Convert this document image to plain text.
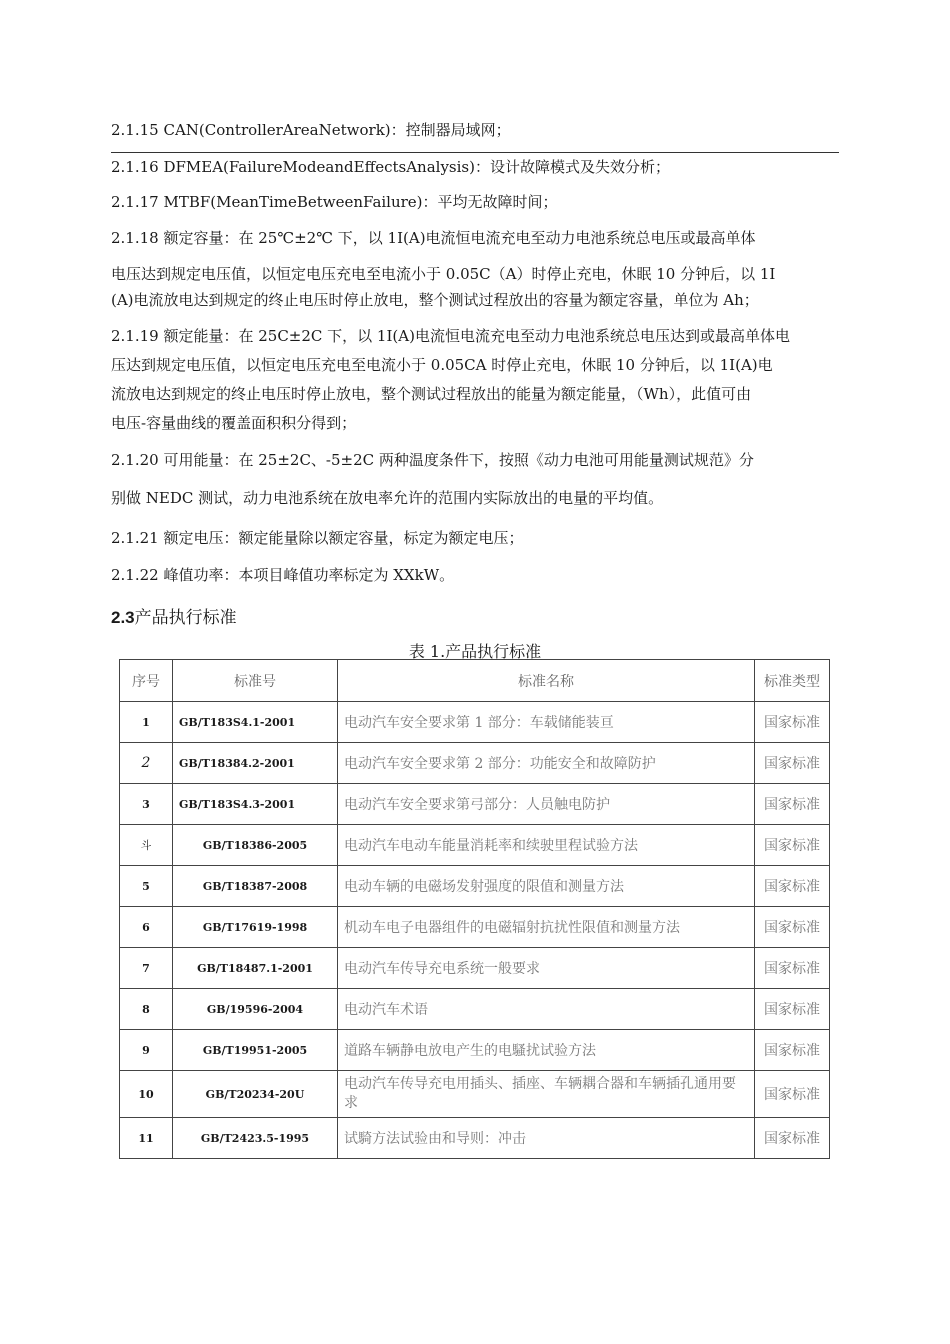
2.1.15 CAN(ControllerAreaNetwork)：控制器局域网；
2.1.16 DFMEA(FailureModeandEffectsAnalysis)：设计故障模式及失效分析；
2.1.17 MTBF(MeanTimeBetweenFailure)：平均无故障时间；
2.1.18 额定容量：在 25℃±2℃ 下，以 1I(A)电流恒电流充电至动力电池系统总电压或最高单体
电压达到规定电压值，以恒定电压充电至电流小于 0.05C（A）时停止充电，休眠 10 分钟后，以 1I
(A)电流放电达到规定的终止电压时停止放电，整个测试过程放出的容量为额定容量，单位为 Ah；
2.1.19 额定能量：在 25C±2C 下，以 1I(A)电流恒电流充电至动力电池系统总电压达到或最高单体电
压达到规定电压值，以恒定电压充电至电流小于 0.05CA 时停止充电，休眠 10 分钟后，以 1I(A)电
流放电达到规定的终止电压时停止放电，整个测试过程放出的能量为额定能量，（Wh），此值可由
电压-容量曲线的覆盖面积积分得到；
2.1.20 可用能量：在 25±2C、-5±2C 两种温度条件下，按照《动力电池可用能量测试规范》分
别做 NEDC 测试，动力电池系统在放电率允许的范围内实际放出的电量的平均值。
2.1.21 额定电压：额定能量除以额定容量，标定为额定电压；
2.1.22 峰值功率：本项目峰值功率标定为 XXkW。
2.3产品执行标准
表 1.产品执行标准
序号	标准号	标准名称	标准类型
1	GB/T183S4.1-2001	电动汽车安全要求第 1 部分：车载储能装亘	国家标准
2	GB/T18384.2-2001	电动汽车安全要求第 2 部分：功能安全和故障防护	国家标准
3	GB/T183S4.3-2001	电动汽车安全要求第弓部分：人员触电防护	国家标准
斗	GB/T18386-2005	电动汽车电动车能量消耗率和续驶里程试验方法	国家标准
5	GB/T18387-2008	电动车辆的电磁场发射强度的限值和测量方法	国家标准
6	GB/T17619-1998	机动车电子电器组件的电磁辐射抗扰性限值和测量方法	国家标准
7	GB/T18487.1-2001	电动汽车传导充电系统一般要求	国家标准
8	GB/19596-2004	电动汽车术语	国家标准
9	GB/T19951-2005	道路车辆静电放电产生的电騷扰试验方法	国家标准
10	GB/T20234-20U	电动汽车传导充电用插头、插座、车辆耦合器和车辆插孔通用要求	国家标准
11	GB/T2423.5-1995	试騎方法试验由和导则：冲击	国家标准
